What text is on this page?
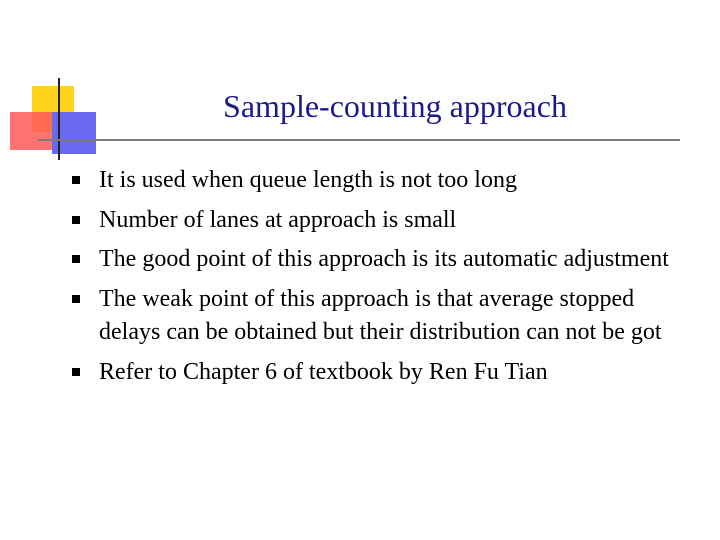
Sample-counting approach
It is used when queue length is not too long
Number of lanes at approach is small
The good point of this approach is its automatic adjustment
The weak point of this approach is that average stopped delays can be obtained but their distribution can not be got
Refer to Chapter 6 of textbook by Ren Fu Tian
